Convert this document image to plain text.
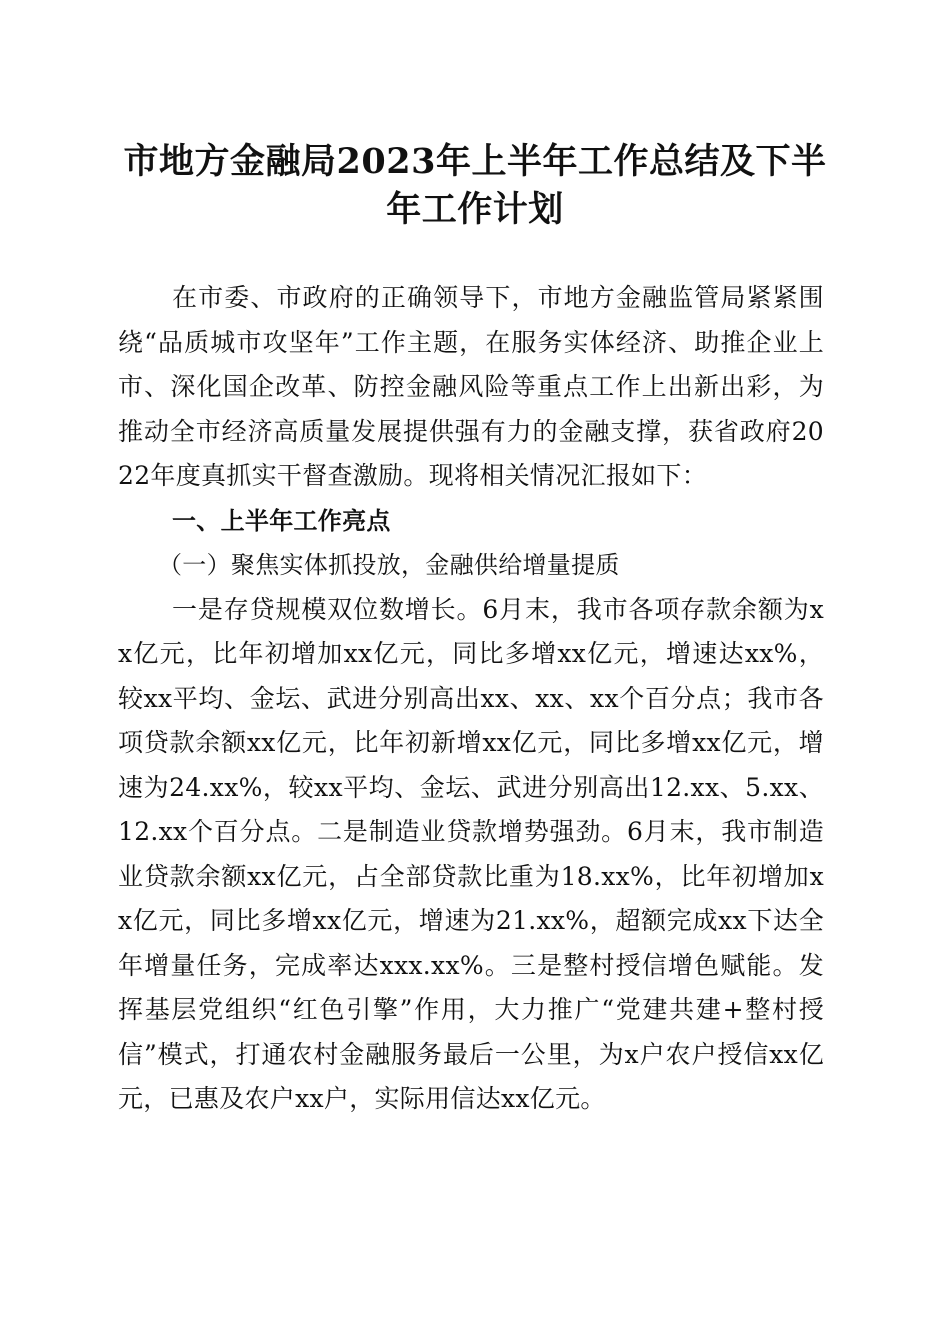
市地方金融局2023年上半年工作总结及下半年工作计划

在市委、市政府的正确领导下，市地方金融监管局紧紧围绕“品质城市攻坚年”工作主题，在服务实体经济、助推企业上市、深化国企改革、防控金融风险等重点工作上出新出彩，为推动全市经济高质量发展提供强有力的金融支撑，获省政府2022年度真抓实干督查激励。现将相关情况汇报如下：

一、上半年工作亮点

（一）聚焦实体抓投放，金融供给增量提质

一是存贷规模双位数增长。6月末，我市各项存款余额为xx亿元，比年初增加xx亿元，同比多增xx亿元，增速达xx%，较xx平均、金坛、武进分别高出xx、xx、xx个百分点；我市各项贷款余额xx亿元，比年初新增xx亿元，同比多增xx亿元，增速为24.xx%，较xx平均、金坛、武进分别高出12.xx、5.xx、12.xx个百分点。二是制造业贷款增势强劲。6月末，我市制造业贷款余额xx亿元，占全部贷款比重为18.xx%，比年初增加xx亿元，同比多增xx亿元，增速为21.xx%，超额完成xx下达全年增量任务，完成率达xxx.xx%。三是整村授信增色赋能。发挥基层党组织“红色引擎”作用，大力推广“党建共建+整村授信”模式，打通农村金融服务最后一公里，为x户农户授信xx亿元，已惠及农户xx户，实际用信达xx亿元。
